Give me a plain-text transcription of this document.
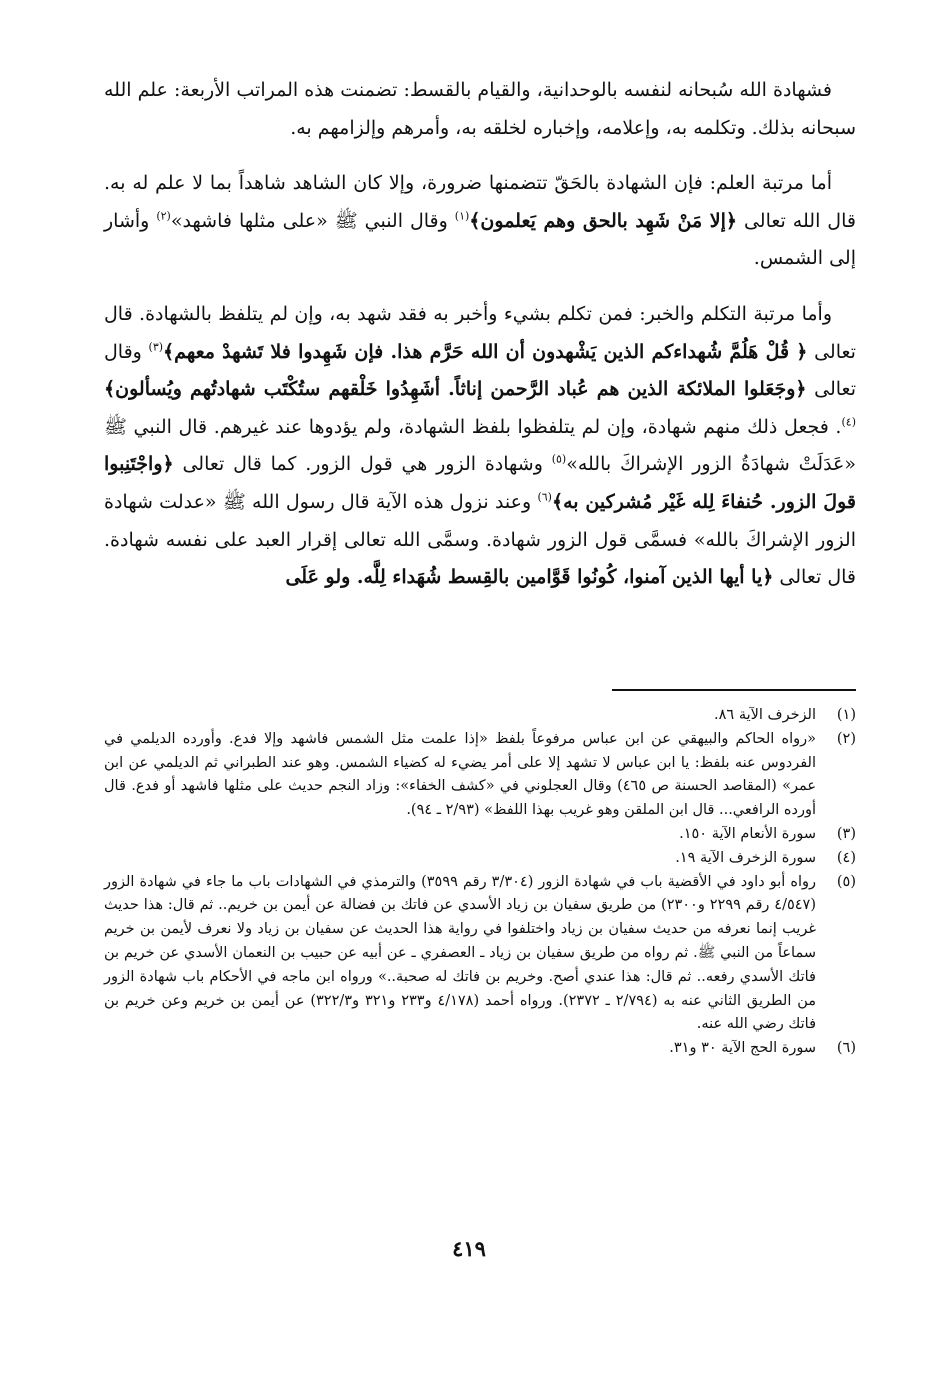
فشهادة الله سُبحانه لنفسه بالوحدانية، والقيام بالقسط: تضمنت هذه المراتب الأربعة: علم الله سبحانه بذلك. وتكلمه به، وإعلامه، وإخباره لخلقه به، وأمرهم وإلزامهم به.

أما مرتبة العلم: فإن الشهادة بالحَقّ تتضمنها ضرورة، وإلا كان الشاهد شاهداً بما لا علم له به. قال الله تعالى ﴿إلا مَنْ شَهِد بالحق وهم يَعلمون﴾$^{(١)}$ وقال النبي ﷺ «على مثلها فاشهد»$^{(٢)}$ وأشار إلى الشمس.

وأما مرتبة التكلم والخبر: فمن تكلم بشيء وأخبر به فقد شهد به، وإن لم يتلفظ بالشهادة. قال تعالى ﴿ قُلْ هَلُمَّ شُهداءكم الذين يَشْهدون أن الله حَرَّم هذا. فإن شَهِدوا فلا تَشهدْ معهم﴾$^{(٣)}$ وقال تعالى ﴿وجَعَلوا الملائكة الذين هم عُباد الرَّحمن إناثاً. أشَهِدُوا خَلْقهم ستُكْتَب شهادتُهم ويُسألون﴾$^{(٤)}$. فجعل ذلك منهم شهادة، وإن لم يتلفظوا بلفظ الشهادة، ولم يؤدوها عند غيرهم. قال النبي ﷺ «عَدَلَتْ شهادَةُ الزور الإشراكَ بالله»$^{(٥)}$ وشهادة الزور هي قول الزور. كما قال تعالى ﴿واجْتَنِبوا قولَ الزور. حُنفاءَ لِله غَيْر مُشركين به﴾$^{(٦)}$ وعند نزول هذه الآية قال رسول الله ﷺ «عدلت شهادة الزور الإشراكَ بالله» فسمَّى قول الزور شهادة. وسمَّى الله تعالى إقرار العبد على نفسه شهادة. قال تعالى ﴿يا أيها الذين آمنوا، كُونُوا قَوَّامين بالقِسط شُهَداء لِلَّه. ولو عَلَى

(١)
الزخرف الآية ٨٦.
(٢)
«رواه الحاكم والبيهقي عن ابن عباس مرفوعاً بلفظ «إذا علمت مثل الشمس فاشهد وإلا فدع. وأورده الديلمي في الفردوس عنه بلفظ: يا ابن عباس لا تشهد إلا على أمر يضيء له كضياء الشمس. وهو عند الطبراني ثم الديلمي عن ابن عمر» (المقاصد الحسنة ص ٤٦٥) وقال العجلوني في «كشف الخفاء»: وزاد النجم حديث على مثلها فاشهد أو فدع. قال أورده الرافعي... قال ابن الملقن وهو غريب بهذا اللفظ» (٢/٩٣ ـ ٩٤).
(٣)
سورة الأنعام الآية ١٥٠.
(٤)
سورة الزخرف الآية ١٩.
(٥)
رواه أبو داود في الأقضية باب في شهادة الزور (٣/٣٠٤ رقم ٣٥٩٩) والترمذي في الشهادات باب ما جاء في شهادة الزور (٤/٥٤٧ رقم ٢٢٩٩ و٢٣٠٠) من طريق سفيان بن زياد الأسدي عن فاتك بن فضالة عن أيمن بن خريم.. ثم قال: هذا حديث غريب إنما نعرفه من حديث سفيان بن زياد واختلفوا في رواية هذا الحديث عن سفيان بن زياد ولا نعرف لأيمن بن خريم سماعاً من النبي ﷺ. ثم رواه من طريق سفيان بن زياد ـ العصفري ـ عن أبيه عن حبيب بن النعمان الأسدي عن خريم بن فاتك الأسدي رفعه.. ثم قال: هذا عندي أصح. وخريم بن فاتك له صحبة..» ورواه ابن ماجه في الأحكام باب شهادة الزور من الطريق الثاني عنه به (٢/٧٩٤ ـ ٢٣٧٢). ورواه أحمد (٤/١٧٨ و٢٣٣ و٣٢١ و٣٢٢/٣) عن أيمن بن خريم وعن خريم بن فاتك رضي الله عنه.
(٦)
سورة الحج الآية ٣٠ و٣١.
٤١٩
